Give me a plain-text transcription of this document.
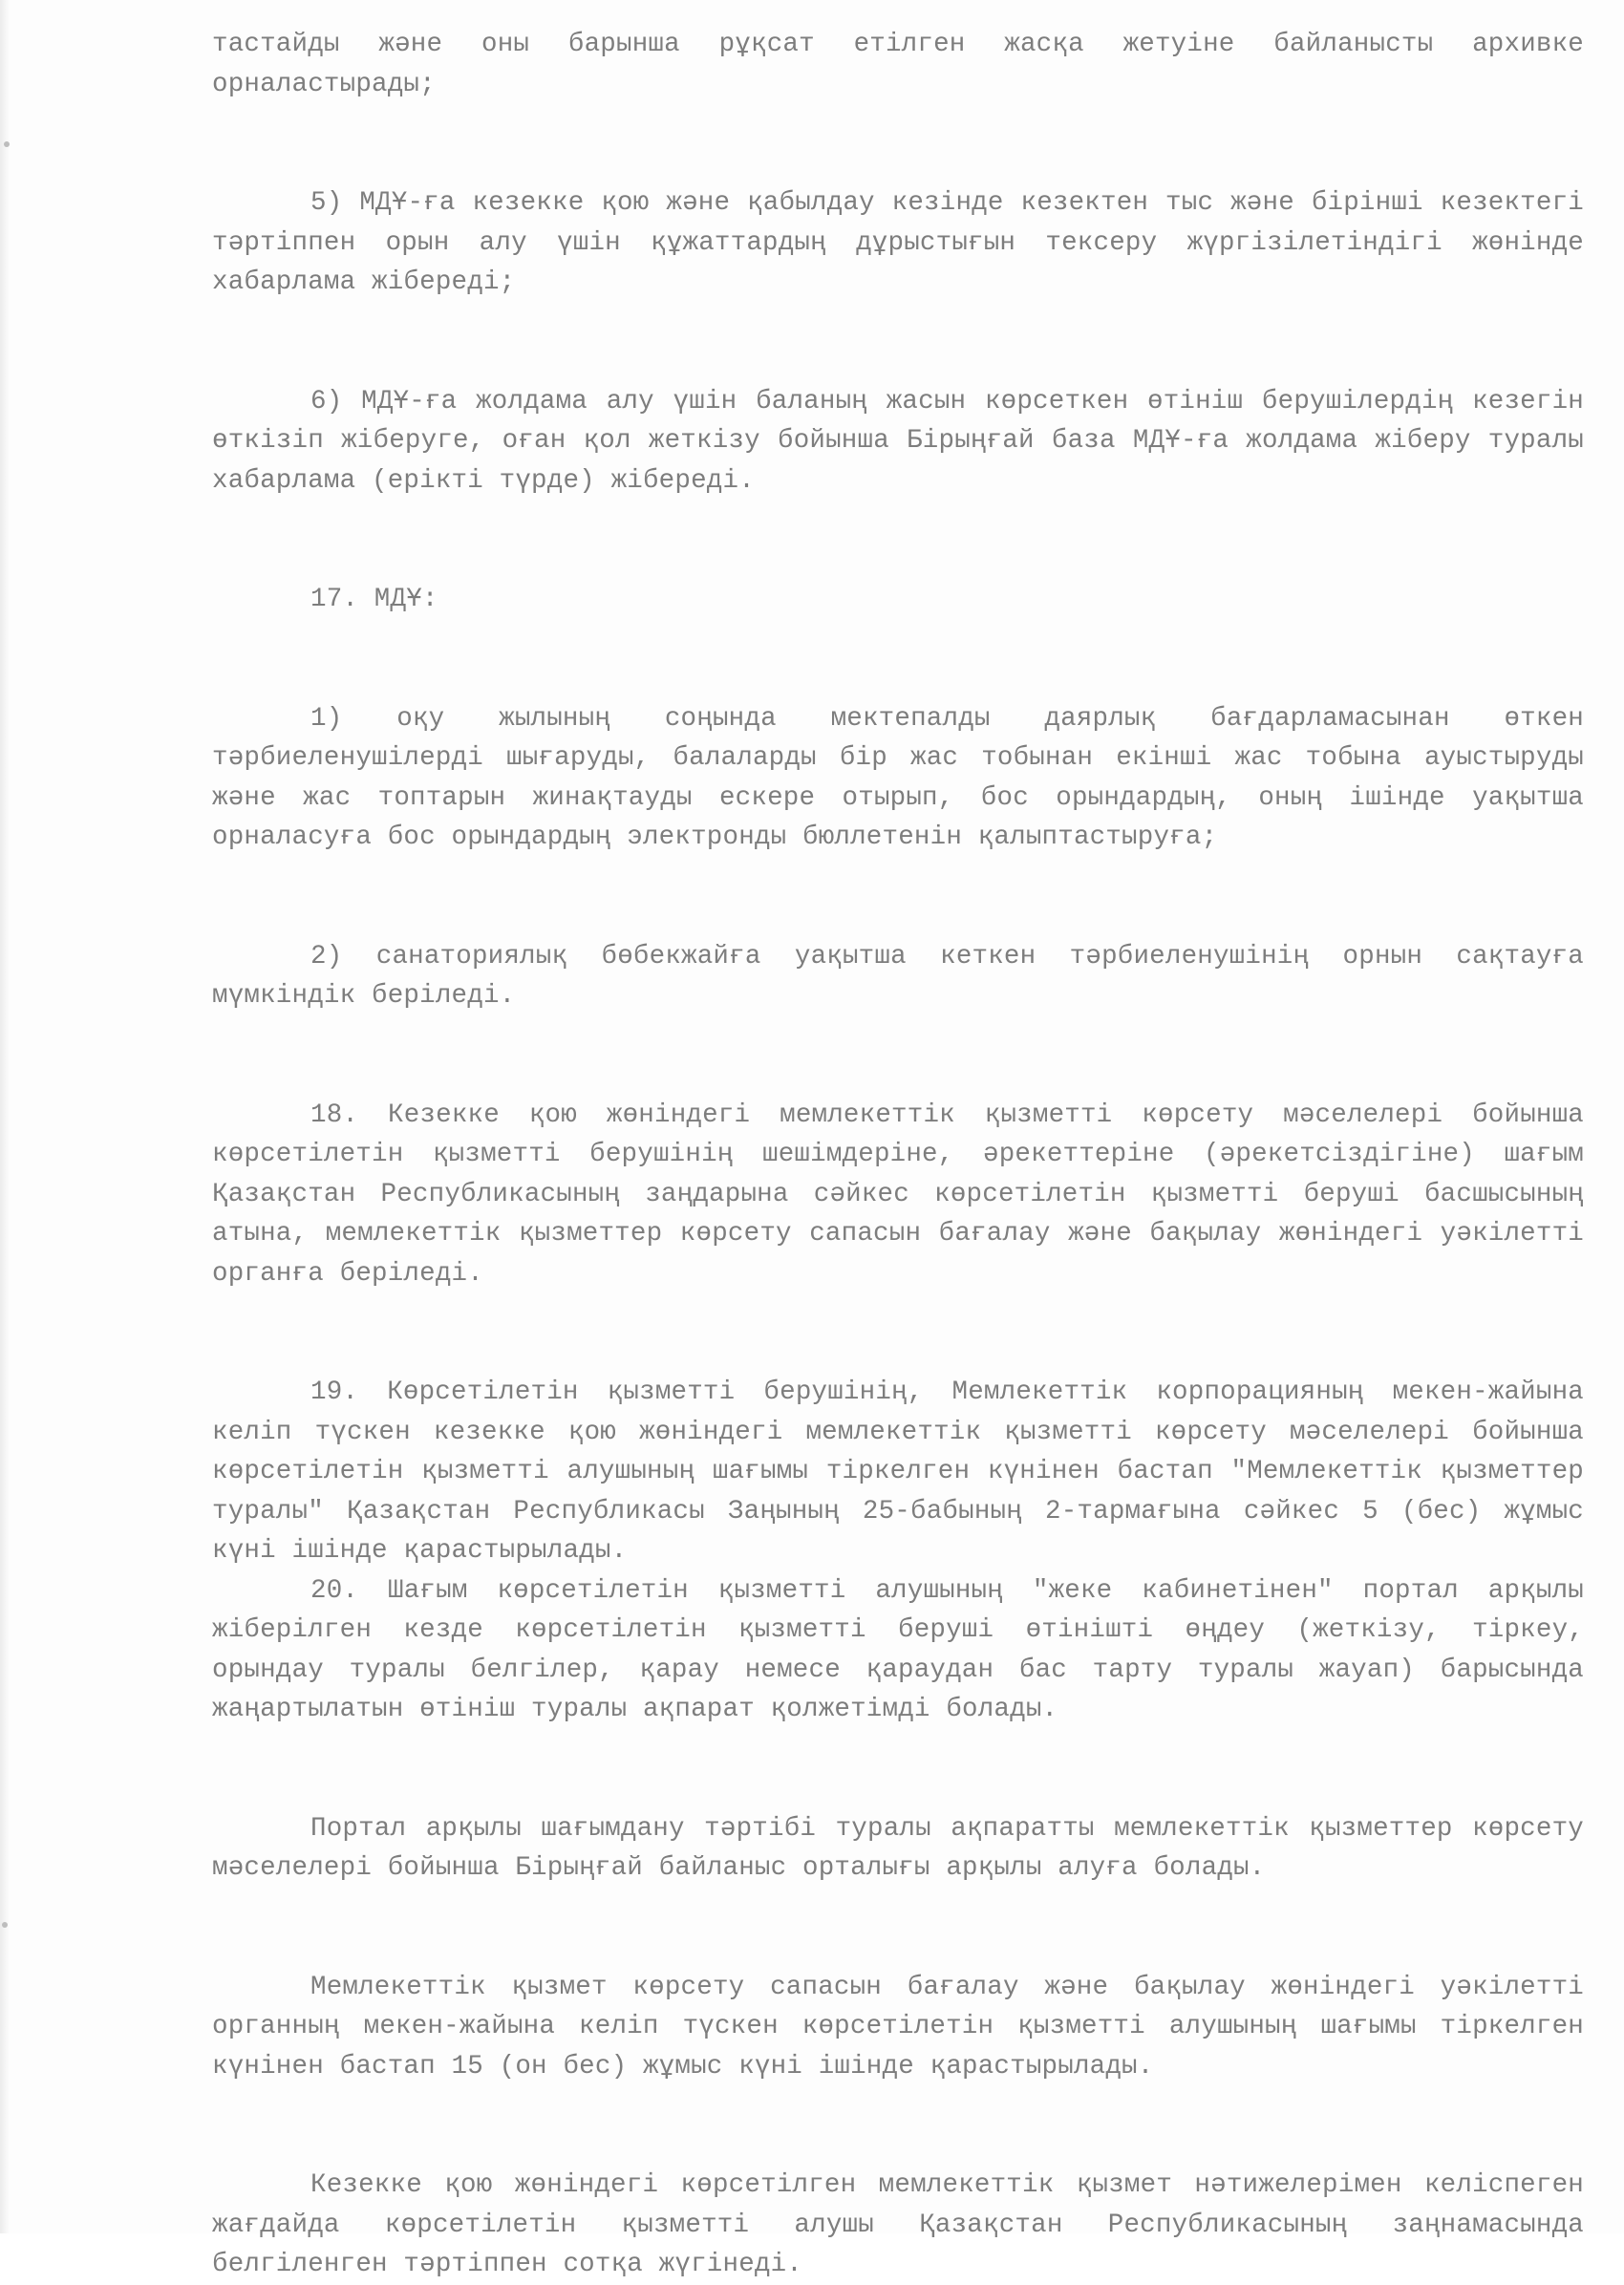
тастайды және оны барынша рұқсат етілген жасқа жетуіне байланысты архивке орналастырады;

5) МДҰ-ға кезекке қою және қабылдау кезінде кезектен тыс және бірінші кезектегі тәртіппен орын алу үшін құжаттардың дұрыстығын тексеру жүргізілетіндігі жөнінде хабарлама жібереді;

6) МДҰ-ға жолдама алу үшін баланың жасын көрсеткен өтініш берушілердің кезегін өткізіп жіберуге, оған қол жеткізу бойынша Бірыңғай база МДҰ-ға жолдама жіберу туралы хабарлама (ерікті түрде) жібереді.

17. МДҰ:

1) оқу жылының соңында мектепалды даярлық бағдарламасынан өткен тәрбиеленушілерді шығаруды, балаларды бір жас тобынан екінші жас тобына ауыстыруды және жас топтарын жинақтауды ескере отырып, бос орындардың, оның ішінде уақытша орналасуға бос орындардың электронды бюллетенін қалыптастыруға;

2) санаториялық бөбекжайға уақытша кеткен тәрбиеленушінің орнын сақтауға мүмкіндік беріледі.

18. Кезекке қою жөніндегі мемлекеттік қызметті көрсету мәселелері бойынша көрсетілетін қызметті берушінің шешімдеріне, әрекеттеріне (әрекетсіздігіне) шағым Қазақстан Республикасының заңдарына сәйкес көрсетілетін қызметті беруші басшысының атына, мемлекеттік қызметтер көрсету сапасын бағалау және бақылау жөніндегі уәкілетті органға беріледі.

19. Көрсетілетін қызметті берушінің, Мемлекеттік корпорацияның мекен-жайына келіп түскен кезекке қою жөніндегі мемлекеттік қызметті көрсету мәселелері бойынша көрсетілетін қызметті алушының шағымы тіркелген күнінен бастап "Мемлекеттік қызметтер туралы" Қазақстан Республикасы Заңының 25-бабының 2-тармағына сәйкес 5 (бес) жұмыс күні ішінде қарастырылады.

20. Шағым көрсетілетін қызметті алушының "жеке кабинетінен" портал арқылы жіберілген кезде көрсетілетін қызметті беруші өтінішті өңдеу (жеткізу, тіркеу, орындау туралы белгілер, қарау немесе қараудан бас тарту туралы жауап) барысында жаңартылатын өтініш туралы ақпарат қолжетімді болады.

Портал арқылы шағымдану тәртібі туралы ақпаратты мемлекеттік қызметтер көрсету мәселелері бойынша Бірыңғай байланыс орталығы арқылы алуға болады.

Мемлекеттік қызмет көрсету сапасын бағалау және бақылау жөніндегі уәкілетті органның мекен-жайына келіп түскен көрсетілетін қызметті алушының шағымы тіркелген күнінен бастап 15 (он бес) жұмыс күні ішінде қарастырылады.

Кезекке қою жөніндегі көрсетілген мемлекеттік қызмет нәтижелерімен келіспеген жағдайда көрсетілетін қызметті алушы Қазақстан Республикасының заңнамасында белгіленген тәртіппен сотқа жүгінеді.
